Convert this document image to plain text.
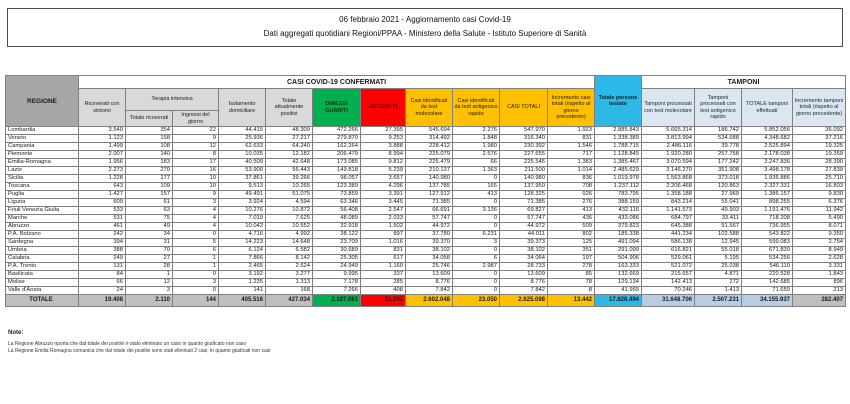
06 febbraio 2021 - Aggiornamento casi Covid-19
Dati aggregati quotidiani Regioni/PPAA - Ministero della Salute - Istituto Superiore di Sanità
REGIONE	CASI COVID-19 CONFERMATI											Totale persone testate	TAMPONI			
	Ricoverati con sintomi	Terapia intensiva		Isolamento domiciliare	Totale attualmente positivi	DIMESSI GUARITI	DECEDUTI	Casi identificati da test molecolare	Casi identificati da test antigenico rapido	CASI TOTALI	Incremento casi totali (rispetto al giorno precedente)		Tamponi processati con test molecolare	Tamponi processati con test antigenico rapido	TOTALE tamponi effettuati	Incremento tamponi totali (rispetto al giorno precedente)
		Totale ricoverati	Ingressi del giorno													
Lombardia	3.540	354	22	44.415	48.309	472.266	27.395	545.694	2.276	547.970	1.923	2.885.843	5.665.314	186.742	5.852.056	36.092
Veneto	1.123	158	9	25.936	27.217	279.870	9.253	314.492	1.848	316.340	831	1.338.389	3.813.994	534.688	4.348.682	37.216
Campania	1.499	108	12	62.633	64.240	162.264	3.888	228.412	1.980	230.392	1.546	1.788.715	2.486.116	39.778	2.525.894	19.325
Piemonte	2.007	140	8	10.035	12.182	206.479	8.994	225.079	2.576	227.655	717	1.128.845	1.920.280	257.758	2.178.038	19.359
Emilia-Romagna	1.956	183	17	40.509	42.648	173.085	9.812	225.479	66	225.545	1.383	1.385.467	3.070.594	177.242	3.247.836	28.390
Lazio	2.273	270	16	53.900	56.443	149.818	5.239	210.137	1.363	211.500	1.014	2.485.629	3.146.270	351.908	3.498.178	27.839
Sicilia	1.228	177	10	37.861	39.266	98.057	3.657	140.980	0	140.980	836	1.019.978	1.563.868	373.018	1.936.886	25.710
Toscana	643	109	10	9.513	10.265	123.389	4.296	137.785	165	137.950	708	1.237.112	2.206.468	120.863	2.327.331	16.803
Puglia	1.427	157	9	49.491	51.075	73.859	3.391	127.912	413	128.325	926	783.795	1.358.188	27.969	1.386.157	9.830
Liguria	609	61	3	3.924	4.594	63.346	3.445	71.385	0	71.385	276	388.159	843.214	55.041	898.255	6.376
Friuli Venezia Giulia	533	63	4	10.276	10.872	56.408	2.547	66.691	3.136	69.827	413	432.116	1.141.573	49.903	1.191.476	11.942
Marche	531	75	4	7.019	7.625	48.089	2.033	57.747	0	57.747	436	433.086	684.797	33.411	718.208	5.490
Abruzzo	461	49	4	10.042	10.552	32.918	1.502	44.972	0	44.972	509	379.823	645.388	91.567	736.955	8.071
P.A. Bolzano	242	34	0	4.716	4.992	38.122	897	37.780	6.231	44.011	802	185.338	441.234	102.588	543.822	9.350
Sardegna	394	31	5	14.223	14.648	23.709	1.016	39.370	3	39.373	125	491.094	586.138	12.945	599.083	2.754
Umbria	388	70	6	6.124	6.582	30.689	831	38.102	0	38.102	351	291.099	616.821	55.018	671.839	8.949
Calabria	249	27	1	7.866	8.142	25.305	617	34.058	6	34.064	197	504.906	529.061	5.195	534.256	2.628
P.A. Trento	131	28	1	2.465	2.624	24.949	1.160	25.746	2.987	28.733	278	163.333	521.072	25.038	546.110	3.331
Basilicata	84	1	0	3.192	3.277	9.995	337	13.609	0	13.609	85	132.669	215.657	4.871	220.528	1.843
Molise	66	12	3	1.235	1.313	7.178	285	8.776	0	8.776	78	129.134	142.413	272	142.685	896
Valle d'Aosta	24	3	0	141	168	7.266	408	7.842	0	7.842	8	41.965	70.246	1.413	71.659	213
TOTALE	19.408	2.110	144	405.516	427.034	2.107.061	91.003	2.602.048	23.050	2.625.098	13.442	17.626.494	31.648.706	2.507.231	34.155.937	282.407
Note:
La Regione Abruzzo riporta che dal totale dei positivi è stato eliminato un caso in quanto giudicato non caso
La Regione Emilia Romagna comunica che dal totale dei positivi sono stati eliminati 2 casi, in quanto giudicati non casi
